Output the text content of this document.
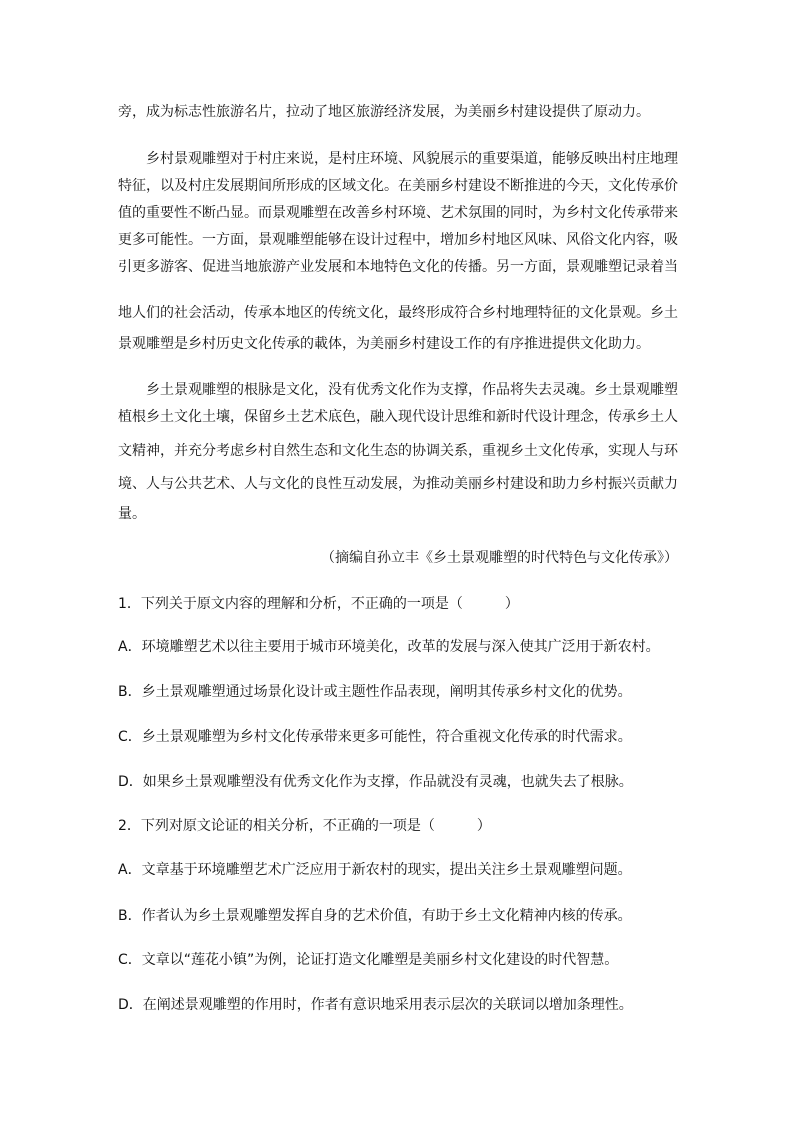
旁，成为标志性旅游名片，拉动了地区旅游经济发展，为美丽乡村建设提供了原动力。
乡村景观雕塑对于村庄来说，是村庄环境、风貌展示的重要渠道，能够反映出村庄地理
特征，以及村庄发展期间所形成的区域文化。在美丽乡村建设不断推进的今天，文化传承价
值的重要性不断凸显。而景观雕塑在改善乡村环境、艺术氛围的同时，为乡村文化传承带来
更多可能性。一方面，景观雕塑能够在设计过程中，增加乡村地区风味、风俗文化内容，吸
引更多游客、促进当地旅游产业发展和本地特色文化的传播。另一方面，景观雕塑记录着当
地人们的社会活动，传承本地区的传统文化，最终形成符合乡村地理特征的文化景观。乡土
景观雕塑是乡村历史文化传承的載体，为美丽乡村建设工作的有序推进提供文化助力。
乡土景观雕塑的根脉是文化，没有优秀文化作为支撑，作品将失去灵魂。乡土景观雕塑
植根乡土文化土壤，保留乡土艺术底色，融入现代设计思维和新时代设计理念，传承乡土人
文精神，并充分考虑乡村自然生态和文化生态的协调关系，重视乡土文化传承，实现人与环
境、人与公共艺术、人与文化的良性互动发展，为推动美丽乡村建设和助力乡村振兴贡献力
量。
（摘编自孙立丰《乡土景观雕塑的时代特色与文化传承》）
1．下列关于原文内容的理解和分析，不正确的一项是（　　　）
A．环境雕塑艺术以往主要用于城市环境美化，改革的发展与深入使其广泛用于新农村。
B．乡土景观雕塑通过场景化设计或主题性作品表现，阐明其传承乡村文化的优势。
C．乡土景观雕塑为乡村文化传承带来更多可能性，符合重视文化传承的时代需求。
D．如果乡土景观雕塑没有优秀文化作为支撑，作品就没有灵魂，也就失去了根脉。
2．下列对原文论证的相关分析，不正确的一项是（　　　）
A．文章基于环境雕塑艺术广泛应用于新农村的现实，提出关注乡土景观雕塑问题。
B．作者认为乡土景观雕塑发挥自身的艺术价值，有助于乡土文化精神内核的传承。
C．文章以“莲花小镇”为例，论证打造文化雕塑是美丽乡村文化建设的时代智慧。
D．在阐述景观雕塑的作用时，作者有意识地采用表示层次的关联词以增加条理性。
